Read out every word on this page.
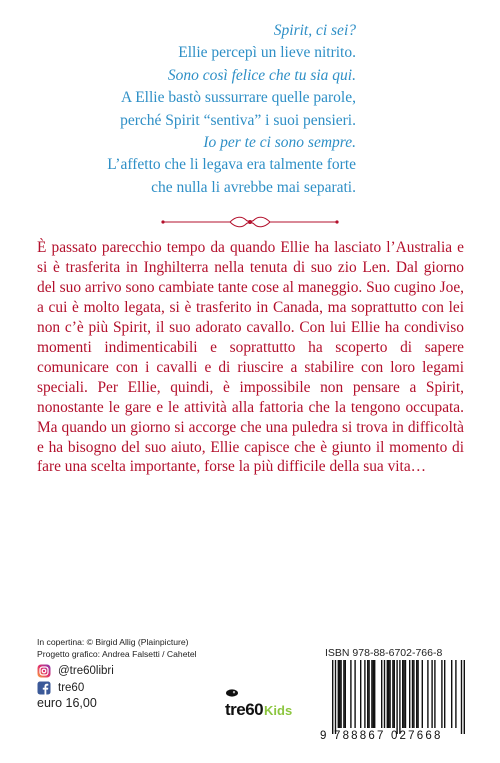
Spirit, ci sei?
Ellie percepì un lieve nitrito.
Sono così felice che tu sia qui.
A Ellie bastò sussurrare quelle parole,
perché Spirit “sentiva” i suoi pensieri.
Io per te ci sono sempre.
L’affetto che li legava era talmente forte
che nulla li avrebbe mai separati.
È passato parecchio tempo da quando Ellie ha lasciato l’Australia e si è trasferita in Inghilterra nella tenuta di suo zio Len. Dal giorno del suo arrivo sono cambiate tante cose al maneggio. Suo cugino Joe, a cui è molto legata, si è trasferito in Canada, ma soprattutto con lei non c’è più Spirit, il suo adorato cavallo. Con lui Ellie ha condiviso momenti indimenticabili e soprattutto ha scoperto di sapere comunicare con i cavalli e di riuscire a stabilire con loro legami speciali. Per Ellie, quindi, è impossibile non pensare a Spirit, nonostante le gare e le attività alla fattoria che la tengono occupata. Ma quando un giorno si accorge che una puledra si trova in difficoltà e ha bisogno del suo aiuto, Ellie capisce che è giunto il momento di fare una scelta importante, forse la più difficile della sua vita…
In copertina: © Birgid Allig (Plainpicture)
Progetto grafico: Andrea Falsetti / Cahetel
@tre60libri
tre60
euro 16,00	tre60 Kids
ISBN 978-88-6702-766-8
9 788867 027668
